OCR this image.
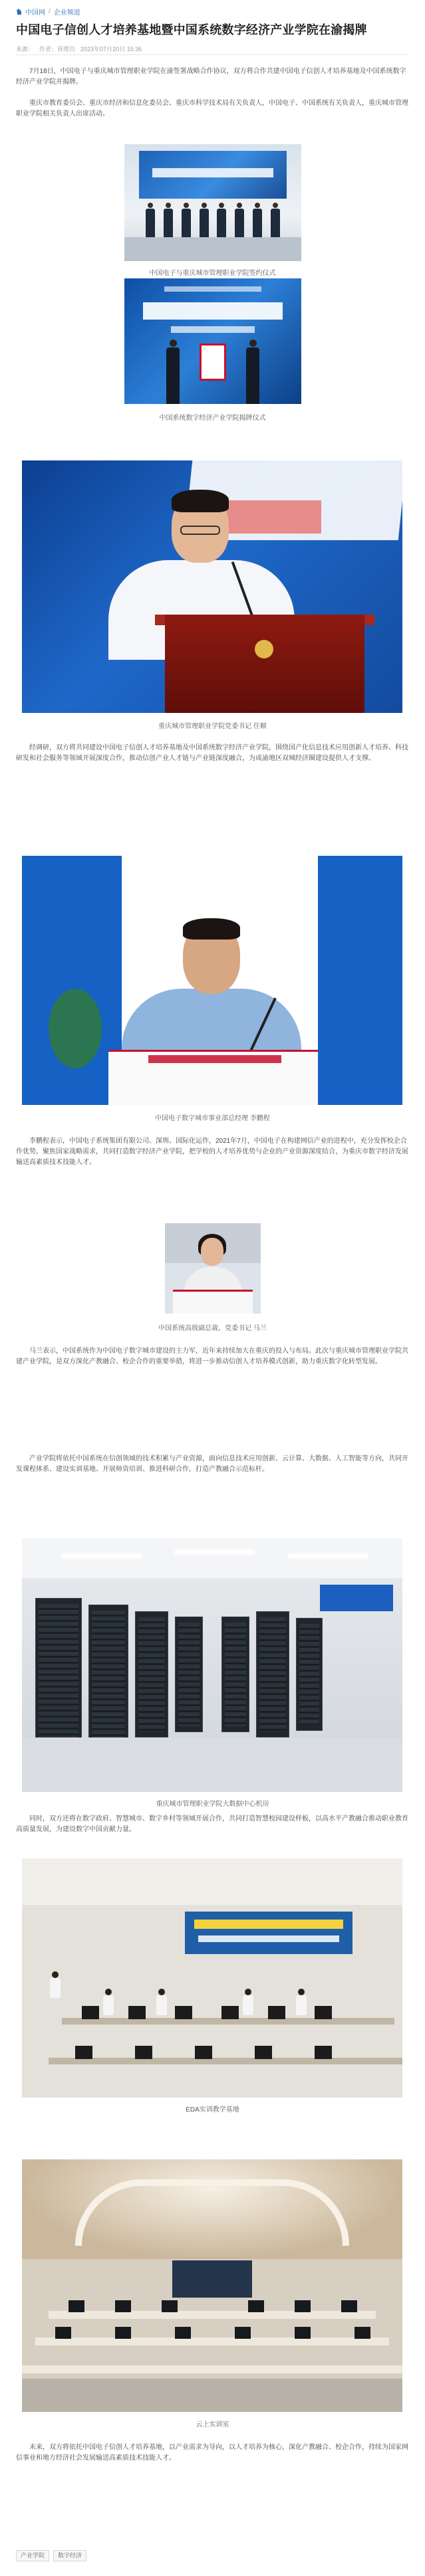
中国网 / 企业频道
中国电子信创人才培养基地暨中国系统数字经济产业学院在渝揭牌
来源： 作者：管理员 2023年07月20日 15:36

7月18日，中国电子与重庆城市管理职业学院在渝签署战略合作协议，双方将合作共建中国电子信创人才培养基地及中国系统数字经济产业学院并揭牌。

重庆市教育委员会、重庆市经济和信息化委员会、重庆市科学技术局有关负责人，中国电子、中国系统有关负责人，重庆城市管理职业学院相关负责人出席活动。

中国电子与重庆城市管理职业学院签约仪式
中国系统数字经济产业学院揭牌仪式
重庆城市管理职业学院党委书记 任顺

经调研，双方将共同建设中国电子信创人才培养基地及中国系统数字经济产业学院，围绕国产化信息技术应用创新人才培养、科技研发和社会服务等领域开展深度合作，推动信创产业人才链与产业链深度融合，为成渝地区双城经济圈建设提供人才支撑。

中国电子数字城市事业部总经理 李鹏程

李鹏程表示，中国电子系统集团有限公司、深圳、国际化运作，2021年7月，中国电子在构建网信产业的进程中，充分发挥校企合作优势，聚焦国家战略需求，共同打造数字经济产业学院，把学校的人才培养优势与企业的产业资源深度结合，为重庆市数字经济发展输送高素质技术技能人才。

中国系统高级副总裁、党委书记 马兰

马兰表示，中国系统作为中国电子数字城市建设的主力军，近年来持续加大在重庆的投入与布局。此次与重庆城市管理职业学院共建产业学院，是双方深化产教融合、校企合作的重要举措，将进一步推动信创人才培养模式创新，助力重庆数字化转型发展。

产业学院将依托中国系统在信创领域的技术积累与产业资源，面向信息技术应用创新、云计算、大数据、人工智能等方向，共同开发课程体系、建设实训基地、开展师资培训、推进科研合作，打造产教融合示范标杆。

重庆城市管理职业学院大数据中心机房

同时，双方还将在数字政府、智慧城市、数字乡村等领域开展合作，共同打造智慧校园建设样板，以高水平产教融合推动职业教育高质量发展，为建设数字中国贡献力量。

EDA实训教学基地
云上实训室

未来，双方将依托中国电子信创人才培养基地，以产业需求为导向，以人才培养为核心，深化产教融合、校企合作，持续为国家网信事业和地方经济社会发展输送高素质技术技能人才。

产业学院	数字经济
